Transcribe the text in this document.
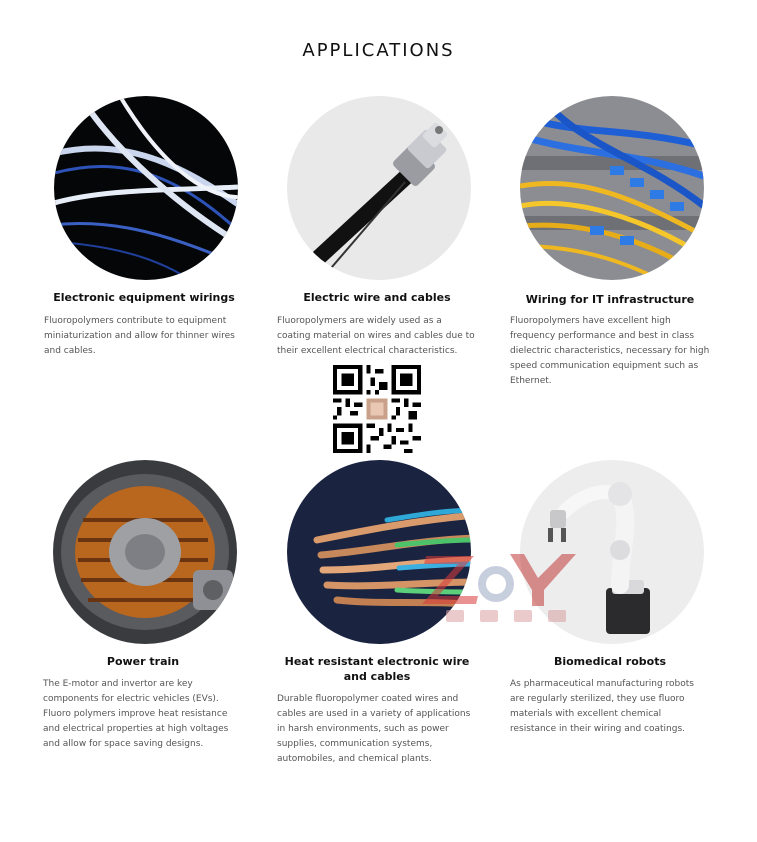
APPLICATIONS
Electronic equipment wirings
Fluoropolymers contribute to equipment miniaturization and allow for thinner wires and cables.
Electric wire and cables
Fluoropolymers are widely used as a coating material on wires and cables due to their excellent electrical characteristics.
Wiring for IT infrastructure
Fluoropolymers have excellent high frequency performance and best in class dielectric characteristics, necessary for high speed communication equipment such as Ethernet.
Power train
The E-motor and invertor are key components for electric vehicles (EVs). Fluoro polymers improve heat resistance and electrical properties at high voltages and allow for space saving designs.
Heat resistant electronic wire and cables
Durable fluoropolymer coated wires and cables are used in a variety of applications in harsh environments, such as power supplies, communication systems, automobiles, and chemical plants.
Biomedical robots
As pharmaceutical manufacturing robots are regularly sterilized, they use fluoro materials with excellent chemical resistance in their wiring and coatings.
